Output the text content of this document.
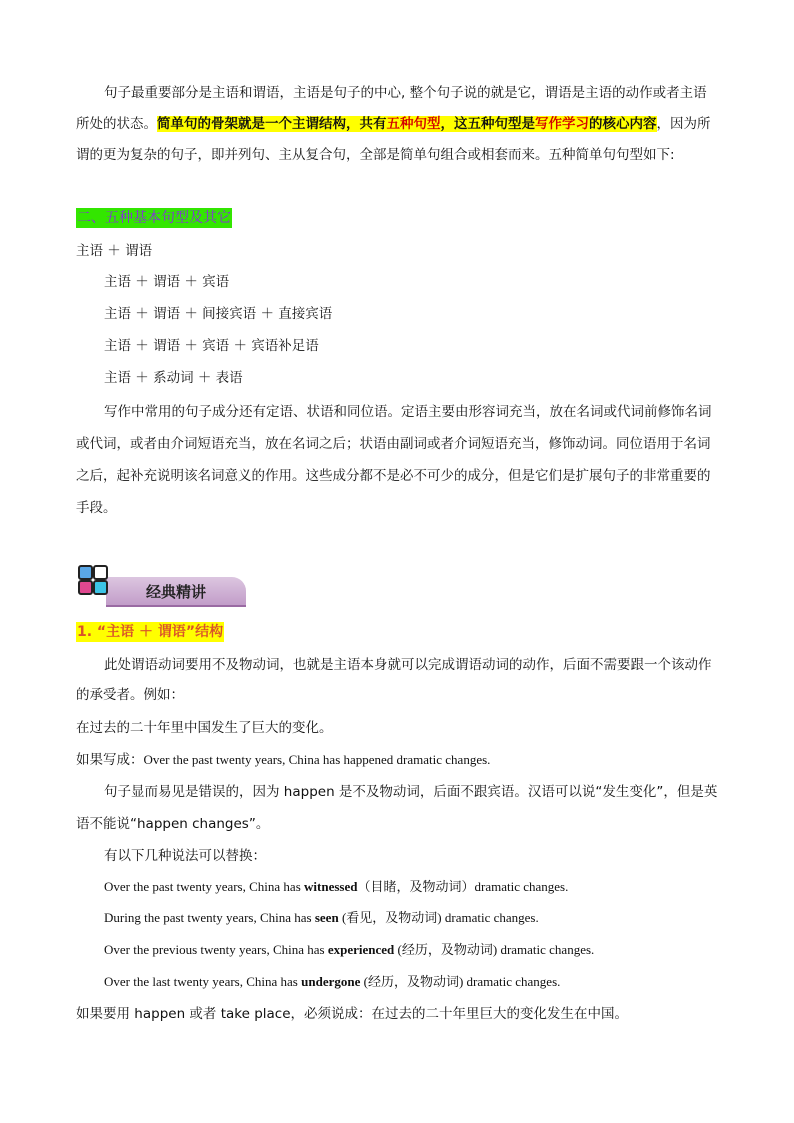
句子最重要部分是主语和谓语，主语是句子的中心, 整个句子说的就是它，谓语是主语的动作或者主语所处的状态。简单句的骨架就是一个主谓结构，共有五种句型，这五种句型是写作学习的核心内容，因为所谓的更为复杂的句子，即并列句、主从复合句，全部是简单句组合或相套而来。五种简单句句型如下:

二、五种基本句型及其它
主语 ＋ 谓语
主语 ＋ 谓语 ＋ 宾语
主语 ＋ 谓语 ＋ 间接宾语 ＋ 直接宾语
主语 ＋ 谓语 ＋ 宾语 ＋ 宾语补足语
主语 ＋ 系动词 ＋ 表语

写作中常用的句子成分还有定语、状语和同位语。定语主要由形容词充当，放在名词或代词前修饰名词或代词，或者由介词短语充当，放在名词之后；状语由副词或者介词短语充当，修饰动词。同位语用于名词之后，起补充说明该名词意义的作用。这些成分都不是必不可少的成分，但是它们是扩展句子的非常重要的手段。

经典精讲
1. “主语 ＋ 谓语”结构

此处谓语动词要用不及物动词，也就是主语本身就可以完成谓语动词的动作，后面不需要跟一个该动作的承受者。例如：

在过去的二十年里中国发生了巨大的变化。
如果写成：Over the past twenty years, China has happened dramatic changes.

句子显而易见是错误的，因为 happen 是不及物动词，后面不跟宾语。汉语可以说“发生变化”，但是英语不能说“happen changes”。

有以下几种说法可以替换：
Over the past twenty years, China has witnessed（目睹，及物动词）dramatic changes.
During the past twenty years, China has seen (看见，及物动词) dramatic changes.
Over the previous twenty years, China has experienced (经历，及物动词) dramatic changes.
Over the last twenty years, China has undergone (经历，及物动词) dramatic changes.
如果要用 happen 或者 take place，必须说成：在过去的二十年里巨大的变化发生在中国。
